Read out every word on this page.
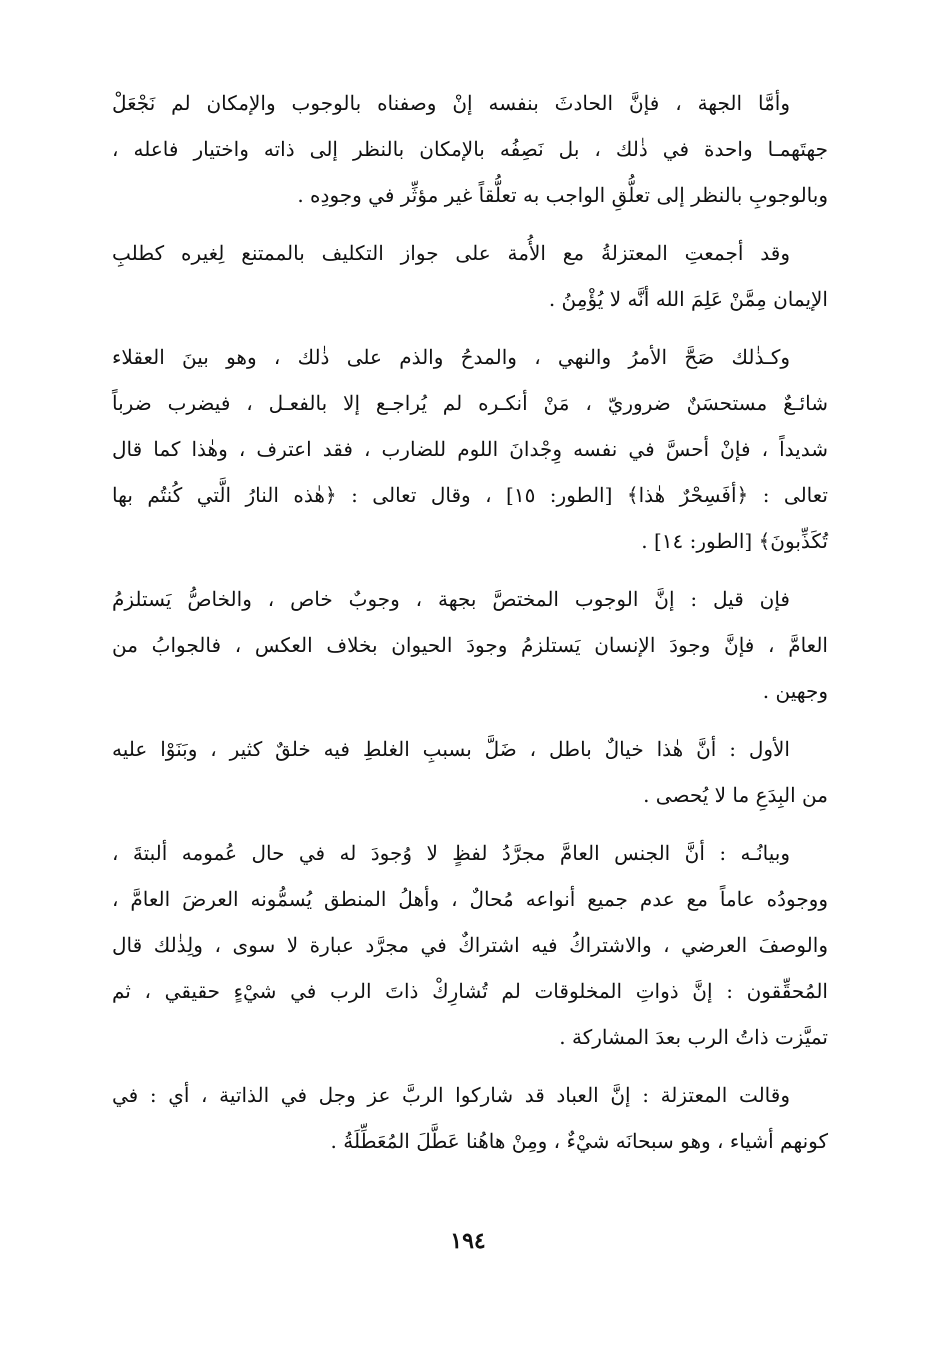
وأمَّا الجهة ، فإنَّ الحادثَ بنفسه إنْ وصفناه بالوجوب والإمكان لم نَجْعَلْ
جهتَهمـا واحدة في ذٰلك ، بل نَصِفُه بالإمكان بالنظر إلى ذاته واختيار فاعله ،
وبالوجوبِ بالنظر إلى تعلُّقِ الواجب به تعلُّقاً غير مؤثِّر في وجودِه .
وقد أجمعتِ المعتزلةُ مع الأُمة على جواز التكليف بالممتنع لِغيره كطلبِ
الإيمان مِمَّنْ عَلِمَ الله أنَّه لا يُؤْمِنُ .
وكـذٰلك صَحَّ الأمرُ والنهي ، والمدحُ والذم على ذٰلك ، وهو بينَ العقلاء
شائـعٌ مستحسَنٌ ضروريّ ، مَنْ أنكـره لم يُراجـع إلا بالفعـل ، فيضرب ضرباً
شديداً ، فإنْ أحسَّ في نفسه وِجْدانَ اللوم للضارب ، فقد اعترف ، وهٰذا كما قال
تعالى : ﴿أفَسِحْرٌ هٰذا﴾ [الطور: ١٥] ، وقال تعالى : ﴿هٰذه النارُ الَّتي كُنتُم بها
تُكَذِّبونَ﴾ [الطور: ١٤] .
فإن قيل : إنَّ الوجوب المختصَّ بجهة ، وجوبٌ خاص ، والخاصُّ يَستلزمُ
العامَّ ، فإنَّ وجودَ الإنسان يَستلزمُ وجودَ الحيوان بخلاف العكس ، فالجوابُ من
وجهين .
الأول : أنَّ هٰذا خيالٌ باطل ، ضَلَّ بسببِ الغلطِ فيه خلقٌ كثير ، وبَنَوْا عليه
من البِدَعِ ما لا يُحصى .
وبيانُـه : أنَّ الجنس العامَّ مجرَّدُ لفظٍ لا وُجودَ له في حال عُمومه ألبتةَ ،
ووجودُه عاماً مع عدم جميع أنواعه مُحالٌ ، وأهلُ المنطق يُسمُّونه العرضَ العامَّ ،
والوصفَ العرضي ، والاشتراكُ فيه اشتراكٌ في مجرَّد عبارة لا سوى ، ولِذٰلك قال
المُحقِّقون : إنَّ ذواتِ المخلوقات لم تُشارِكْ ذاتَ الرب في شيْءٍ حقيقي ، ثم
تميَّزت ذاتُ الرب بعدَ المشاركة .
وقالت المعتزلة : إنَّ العباد قد شاركوا الربَّ عز وجل في الذاتية ، أي : في
كونهم أشياء ، وهو سبحانَه شيْءٌ ، ومِنْ هاهُنا عَطَّلَ المُعَطِّلَةُ .
١٩٤
